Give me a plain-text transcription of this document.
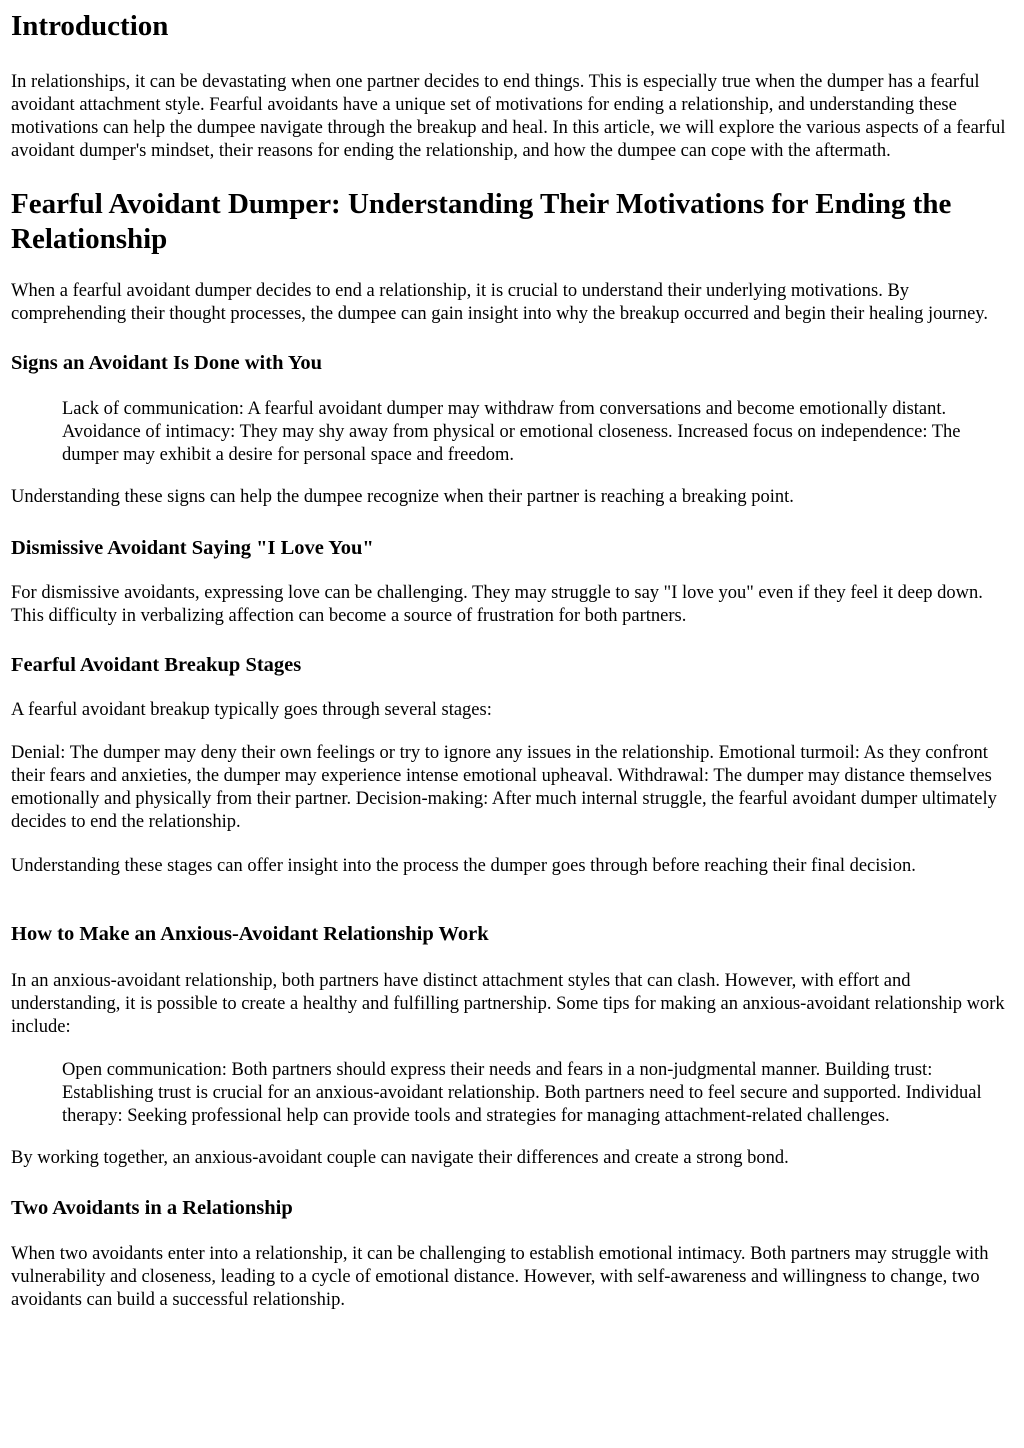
Introduction

In relationships, it can be devastating when one partner decides to end things. This is especially true when the dumper has a fearful avoidant attachment style. Fearful avoidants have a unique set of motivations for ending a relationship, and understanding these motivations can help the dumpee navigate through the breakup and heal. In this article, we will explore the various aspects of a fearful avoidant dumper's mindset, their reasons for ending the relationship, and how the dumpee can cope with the aftermath.

Fearful Avoidant Dumper: Understanding Their Motivations for Ending the Relationship

When a fearful avoidant dumper decides to end a relationship, it is crucial to understand their underlying motivations. By comprehending their thought processes, the dumpee can gain insight into why the breakup occurred and begin their healing journey.

Signs an Avoidant Is Done with You
Lack of communication: A fearful avoidant dumper may withdraw from conversations and become emotionally distant. Avoidance of intimacy: They may shy away from physical or emotional closeness. Increased focus on independence: The dumper may exhibit a desire for personal space and freedom.

Understanding these signs can help the dumpee recognize when their partner is reaching a breaking point.

Dismissive Avoidant Saying "I Love You"

For dismissive avoidants, expressing love can be challenging. They may struggle to say "I love you" even if they feel it deep down. This difficulty in verbalizing affection can become a source of frustration for both partners.

Fearful Avoidant Breakup Stages

A fearful avoidant breakup typically goes through several stages:

Denial: The dumper may deny their own feelings or try to ignore any issues in the relationship. Emotional turmoil: As they confront their fears and anxieties, the dumper may experience intense emotional upheaval. Withdrawal: The dumper may distance themselves emotionally and physically from their partner. Decision-making: After much internal struggle, the fearful avoidant dumper ultimately decides to end the relationship.

Understanding these stages can offer insight into the process the dumper goes through before reaching their final decision.

How to Make an Anxious-Avoidant Relationship Work

In an anxious-avoidant relationship, both partners have distinct attachment styles that can clash. However, with effort and understanding, it is possible to create a healthy and fulfilling partnership. Some tips for making an anxious-avoidant relationship work include:

Open communication: Both partners should express their needs and fears in a non-judgmental manner. Building trust: Establishing trust is crucial for an anxious-avoidant relationship. Both partners need to feel secure and supported. Individual therapy: Seeking professional help can provide tools and strategies for managing attachment-related challenges.

By working together, an anxious-avoidant couple can navigate their differences and create a strong bond.

Two Avoidants in a Relationship

When two avoidants enter into a relationship, it can be challenging to establish emotional intimacy. Both partners may struggle with vulnerability and closeness, leading to a cycle of emotional distance. However, with self-awareness and willingness to change, two avoidants can build a successful relationship.
